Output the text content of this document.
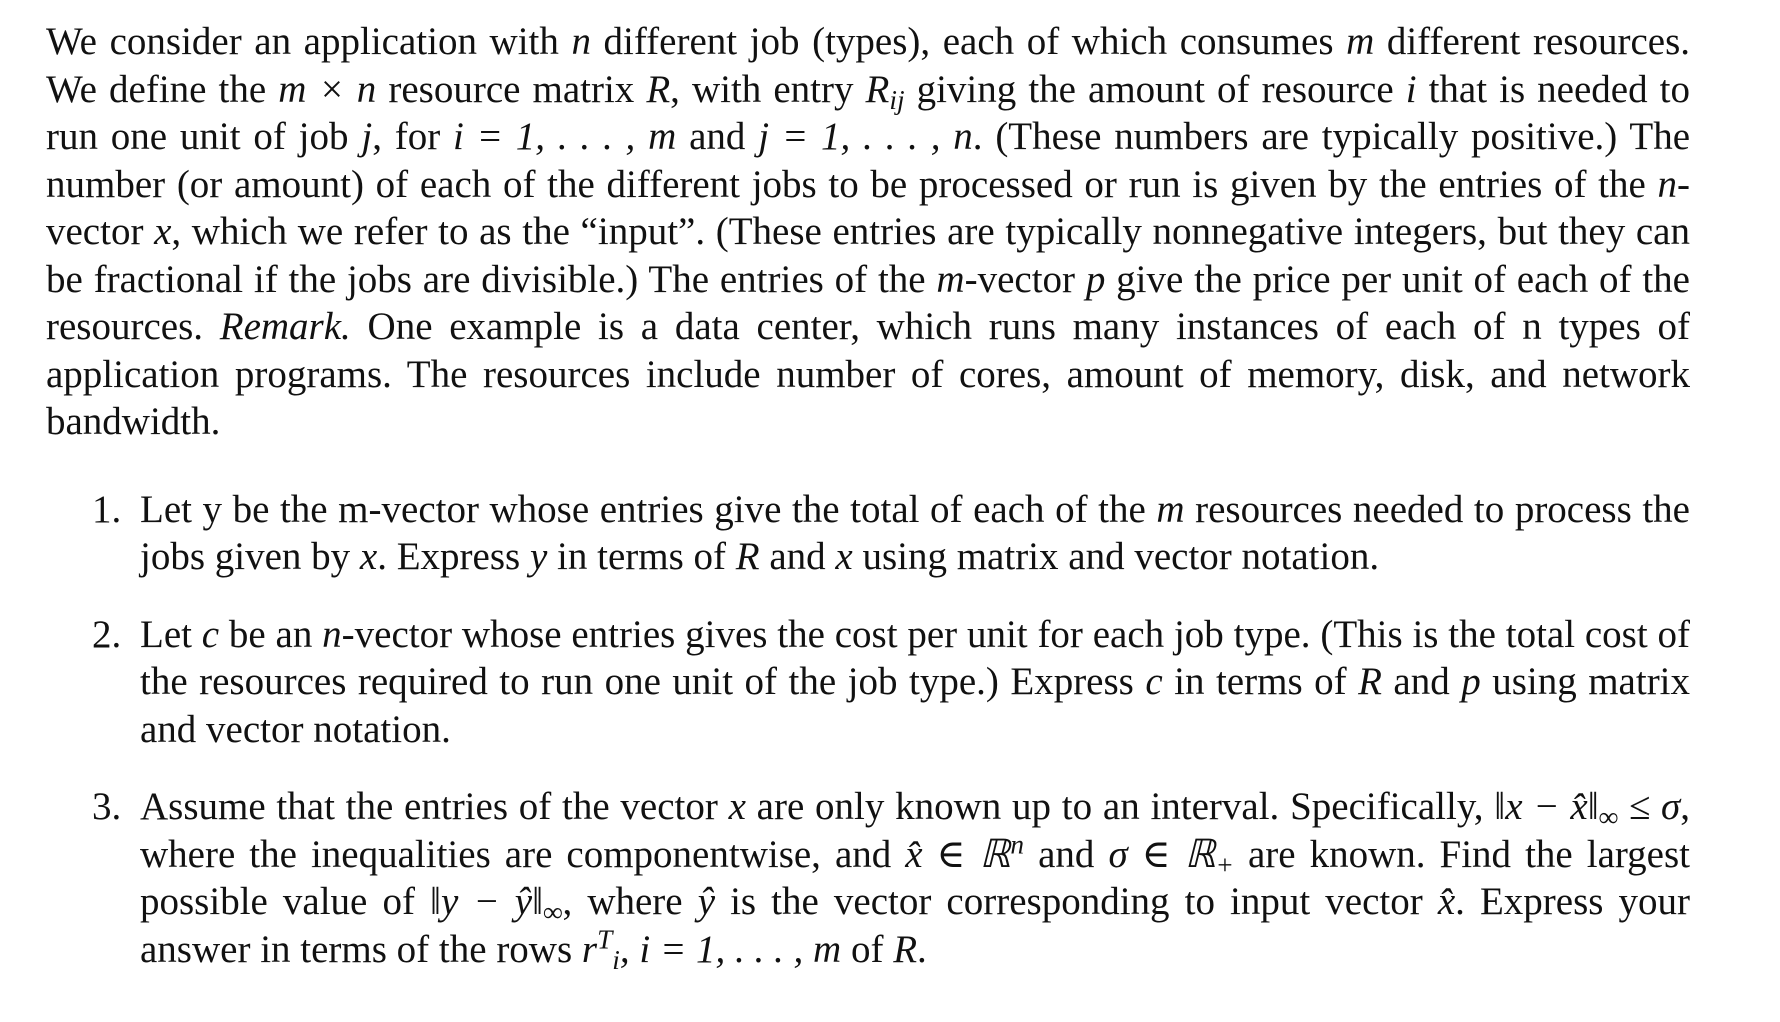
We consider an application with n different job (types), each of which consumes m different resources. We define the m × n resource matrix R, with entry $R_{ij}$ giving the amount of resource i that is needed to run one unit of job j, for i = 1, . . . , m and j = 1, . . . , n. (These numbers are typically positive.) The number (or amount) of each of the different jobs to be processed or run is given by the entries of the n-vector x, which we refer to as the “input”. (These entries are typically nonnegative integers, but they can be fractional if the jobs are divisible.) The entries of the m-vector p give the price per unit of each of the resources. Remark. One example is a data center, which runs many instances of each of n types of application programs. The resources include number of cores, amount of memory, disk, and network bandwidth.

1. Let y be the m-vector whose entries give the total of each of the m resources needed to process the jobs given by x. Express y in terms of R and x using matrix and vector notation.
2. Let c be an n-vector whose entries gives the cost per unit for each job type. (This is the total cost of the resources required to run one unit of the job type.) Express c in terms of R and p using matrix and vector notation.
3. Assume that the entries of the vector x are only known up to an interval. Specifically, ‖x − $x̂‖_\infty \le \sigma$, where the inequalities are componentwise, and x̂ ∈ ℝ$^n$ and σ ∈ ℝ$_+$ are known. Find the largest possible value of ‖y − $ŷ‖_\infty$, where ŷ is the vector corresponding to input vector x̂. Express your answer in terms of the rows $r^T_i$, i = 1, . . . , m of R.
